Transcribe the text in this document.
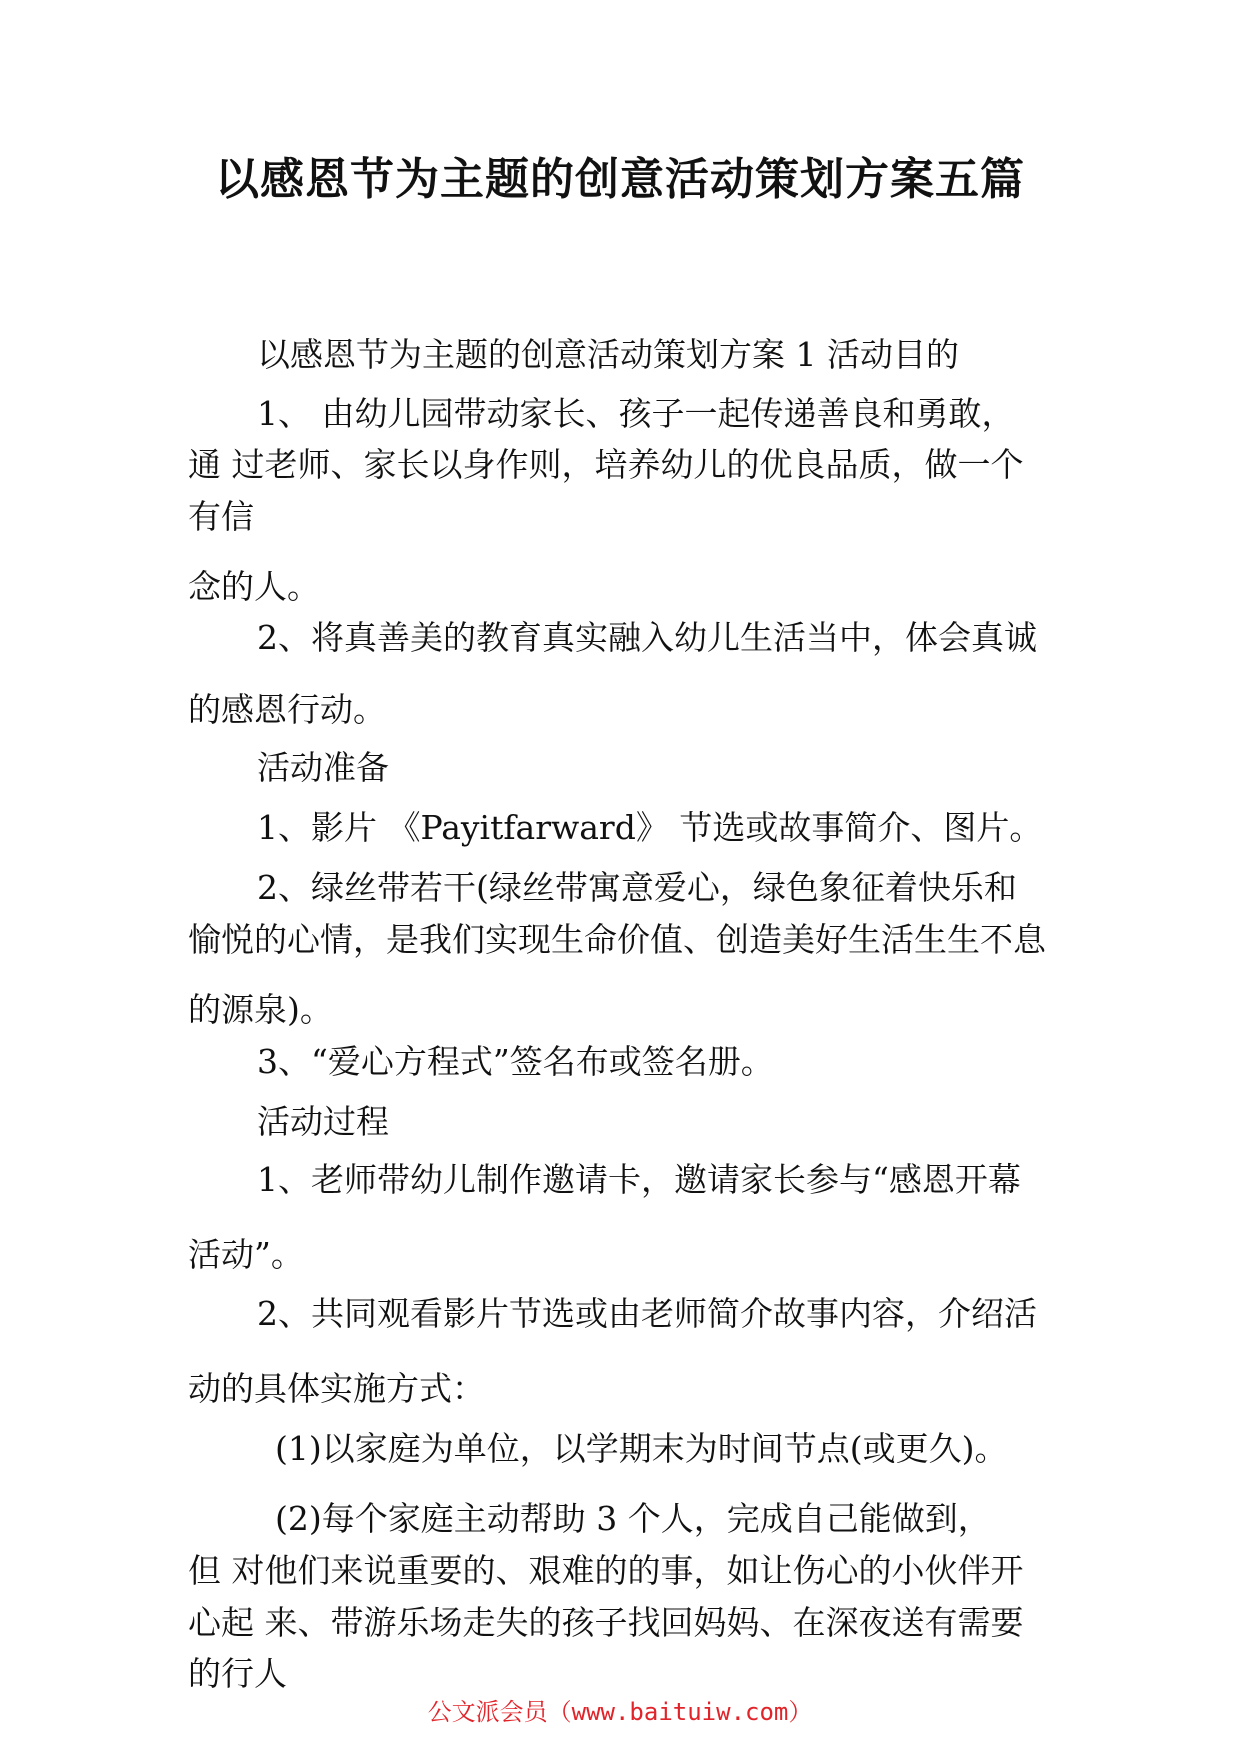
以感恩节为主题的创意活动策划方案五篇
以感恩节为主题的创意活动策划方案 1 活动目的
1、 由幼儿园带动家长、孩子一起传递善良和勇敢，
通 过老师、家长以身作则，培养幼儿的优良品质，做一个
有信
念的人。
2、将真善美的教育真实融入幼儿生活当中，体会真诚
的感恩行动。
活动准备
1、影片 《Payitfarward》 节选或故事简介、图片。
2、绿丝带若干(绿丝带寓意爱心，绿色象征着快乐和
愉悦的心情，是我们实现生命价值、创造美好生活生生不息
的源泉)。
3、“爱心方程式”签名布或签名册。
活动过程
1、老师带幼儿制作邀请卡，邀请家长参与“感恩开幕
活动”。
2、共同观看影片节选或由老师简介故事内容，介绍活
动的具体实施方式：
(1)以家庭为单位，以学期末为时间节点(或更久)。
(2)每个家庭主动帮助 3 个人，完成自己能做到，
但 对他们来说重要的、艰难的的事，如让伤心的小伙伴开
心起 来、带游乐场走失的孩子找回妈妈、在深夜送有需要
的行人
公文派会员（www.baituiw.com）
